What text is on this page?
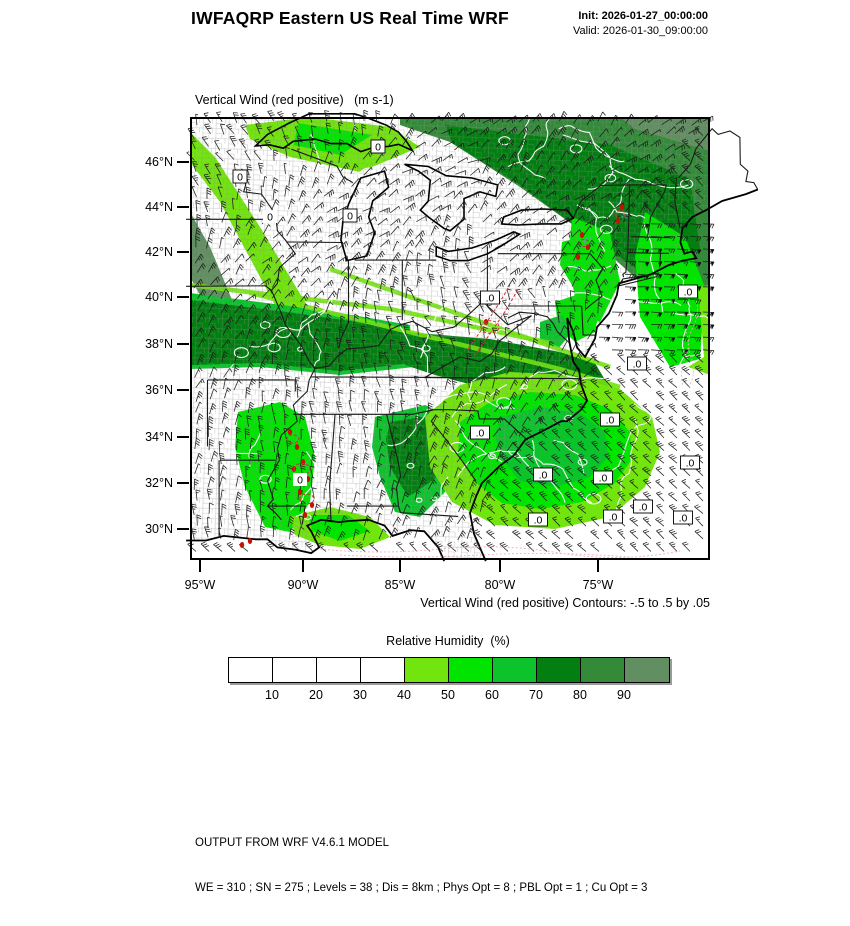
IWFAQRP Eastern US Real Time WRF	Init: 2026-01-27_00:00:00
Valid: 2026-01-30_09:00:00

Vertical Wind (red positive)   (m s-1)

0
0
0	0
.0	.0
.0
.0
.0	.0
.0
.0
.0	.0
.0
.0
0
46°N
44°N
42°N
40°N
38°N
36°N
34°N
32°N
30°N
95°W	90°W	85°W	80°W	75°W
Vertical Wind (red positive) Contours: -.5 to .5 by .05
Relative Humidity  (%)
10	20	30	40	50	60	70	80	90

OUTPUT FROM WRF V4.6.1 MODEL

WE = 310 ; SN = 275 ; Levels = 38 ; Dis = 8km ; Phys Opt = 8 ; PBL Opt = 1 ; Cu Opt = 3
